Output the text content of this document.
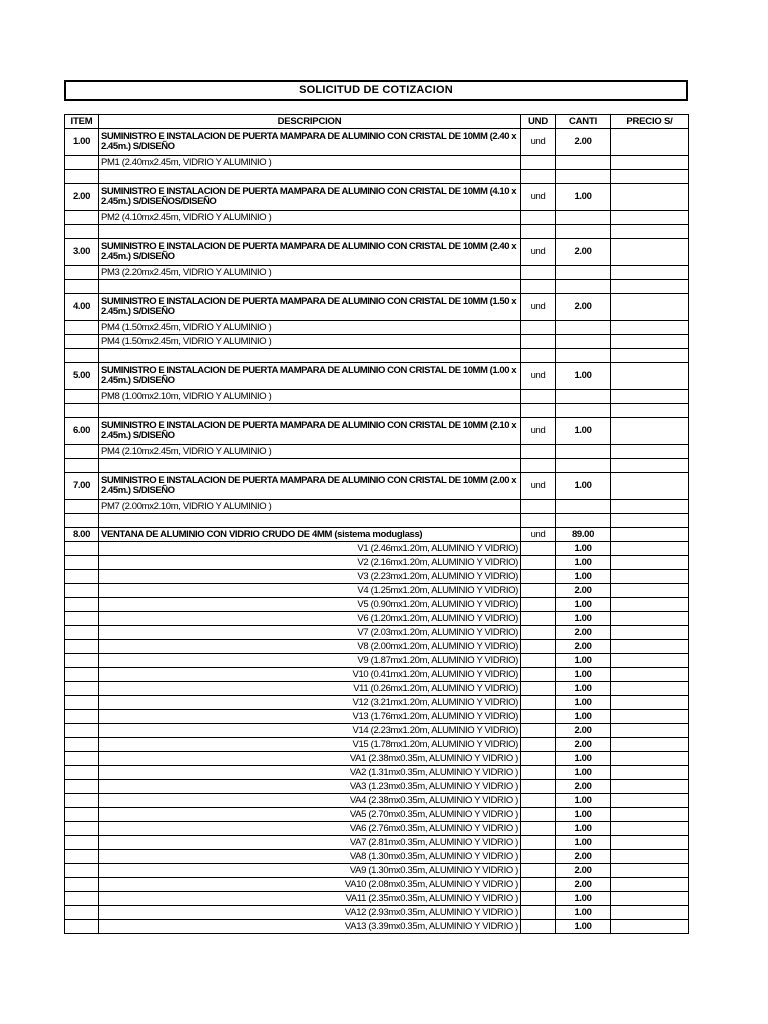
SOLICITUD DE COTIZACION
ITEM	DESCRIPCION	UND	CANTI	PRECIO S/
1.00	SUMINISTRO E INSTALACION DE PUERTA MAMPARA DE ALUMINIO CON CRISTAL DE 10MM (2.40 x 2.45m.) S/DISEÑO	und	2.00	
	PM1 (2.40mx2.45m, VIDRIO Y ALUMINIO )			

2.00	SUMINISTRO E INSTALACION DE PUERTA MAMPARA DE ALUMINIO CON CRISTAL DE 10MM (4.10 x 2.45m.) S/DISEÑOS/DISEÑO	und	1.00	
	PM2 (4.10mx2.45m, VIDRIO Y ALUMINIO )			

3.00	SUMINISTRO E INSTALACION DE PUERTA MAMPARA DE ALUMINIO CON CRISTAL DE 10MM (2.40 x 2.45m.) S/DISEÑO	und	2.00	
	PM3 (2.20mx2.45m, VIDRIO Y ALUMINIO )			

4.00	SUMINISTRO E INSTALACION DE PUERTA MAMPARA DE ALUMINIO CON CRISTAL DE 10MM (1.50 x 2.45m.) S/DISEÑO	und	2.00	
	PM4 (1.50mx2.45m, VIDRIO Y ALUMINIO )			
	PM4 (1.50mx2.45m, VIDRIO Y ALUMINIO )			

5.00	SUMINISTRO E INSTALACION DE PUERTA MAMPARA DE ALUMINIO CON CRISTAL DE 10MM (1.00 x 2.45m.) S/DISEÑO	und	1.00	
	PM8 (1.00mx2.10m, VIDRIO Y ALUMINIO )			

6.00	SUMINISTRO E INSTALACION DE PUERTA MAMPARA DE ALUMINIO CON CRISTAL DE 10MM (2.10 x 2.45m.) S/DISEÑO	und	1.00	
	PM4 (2.10mx2.45m, VIDRIO Y ALUMINIO )			

7.00	SUMINISTRO E INSTALACION DE PUERTA MAMPARA DE ALUMINIO CON CRISTAL DE 10MM (2.00 x 2.45m.) S/DISEÑO	und	1.00	
	PM7 (2.00mx2.10m, VIDRIO Y ALUMINIO )			

8.00	VENTANA DE ALUMINIO CON VIDRIO CRUDO DE 4MM (sistema moduglass)	und	89.00	
	V1 (2.46mx1.20m, ALUMINIO Y VIDRIO)		1.00	
	V2 (2.16mx1.20m, ALUMINIO Y VIDRIO)		1.00	
	V3 (2.23mx1.20m, ALUMINIO Y VIDRIO)		1.00	
	V4 (1.25mx1.20m, ALUMINIO Y VIDRIO)		2.00	
	V5 (0.90mx1.20m, ALUMINIO Y VIDRIO)		1.00	
	V6 (1.20mx1.20m, ALUMINIO Y VIDRIO)		1.00	
	V7 (2.03mx1.20m, ALUMINIO Y VIDRIO)		2.00	
	V8 (2.00mx1.20m, ALUMINIO Y VIDRIO)		2.00	
	V9 (1.87mx1.20m, ALUMINIO Y VIDRIO)		1.00	
	V10 (0.41mx1.20m, ALUMINIO Y VIDRIO)		1.00	
	V11 (0.26mx1.20m, ALUMINIO Y VIDRIO)		1.00	
	V12 (3.21mx1.20m, ALUMINIO Y VIDRIO)		1.00	
	V13 (1.76mx1.20m, ALUMINIO Y VIDRIO)		1.00	
	V14 (2.23mx1.20m, ALUMINIO Y VIDRIO)		2.00	
	V15 (1.78mx1.20m, ALUMINIO Y VIDRIO)		2.00	
	VA1 (2.38mx0.35m, ALUMINIO Y VIDRIO )		1.00	
	VA2 (1.31mx0.35m, ALUMINIO Y VIDRIO )		1.00	
	VA3 (1.23mx0.35m, ALUMINIO Y VIDRIO )		2.00	
	VA4 (2.38mx0.35m, ALUMINIO Y VIDRIO )		1.00	
	VA5 (2.70mx0.35m, ALUMINIO Y VIDRIO )		1.00	
	VA6 (2.76mx0.35m, ALUMINIO Y VIDRIO )		1.00	
	VA7 (2.81mx0.35m, ALUMINIO Y VIDRIO )		1.00	
	VA8 (1.30mx0.35m, ALUMINIO Y VIDRIO )		2.00	
	VA9 (1.30mx0.35m, ALUMINIO Y VIDRIO )		2.00	
	VA10 (2.08mx0.35m, ALUMINIO Y VIDRIO )		2.00	
	VA11 (2.35mx0.35m, ALUMINIO Y VIDRIO )		1.00	
	VA12 (2.93mx0.35m, ALUMINIO Y VIDRIO )		1.00	
	VA13 (3.39mx0.35m, ALUMINIO Y VIDRIO )		1.00	
